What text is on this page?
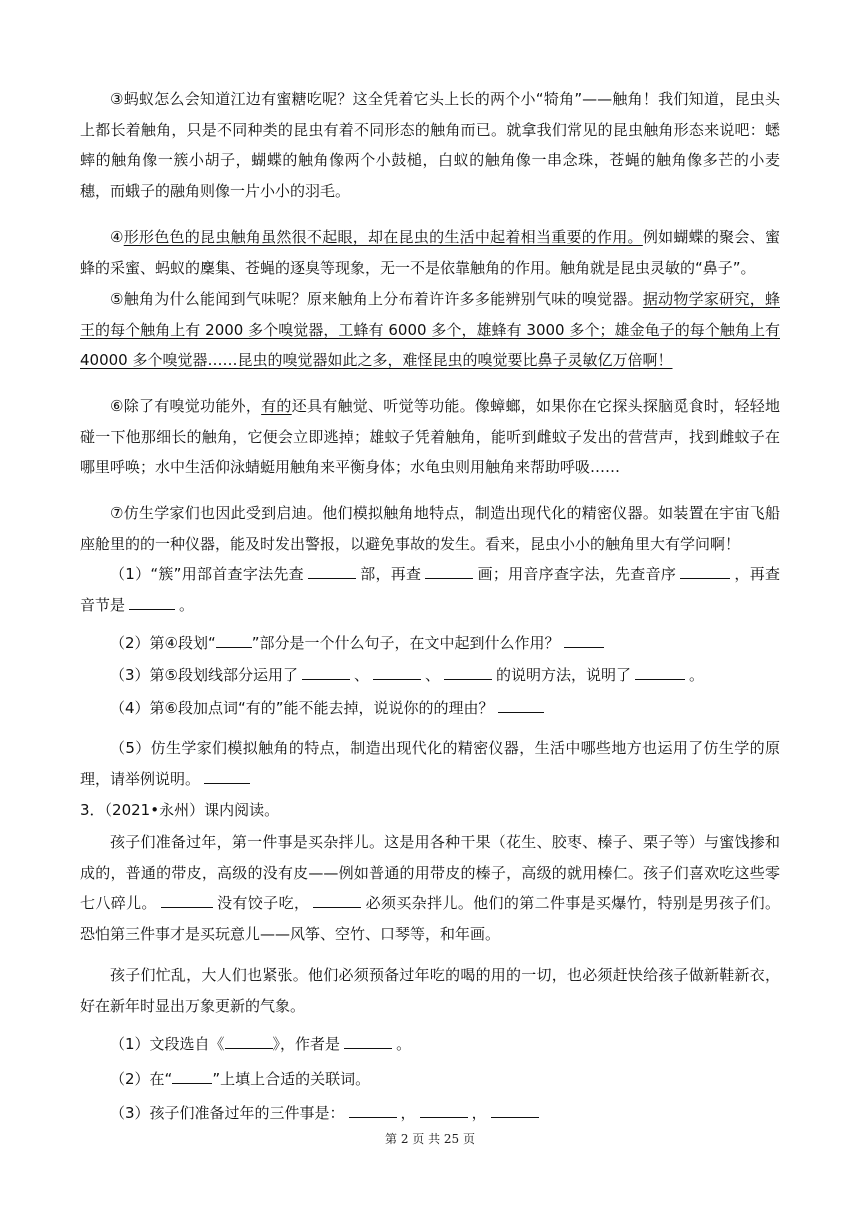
③蚂蚁怎么会知道江边有蜜糖吃呢？这全凭着它头上长的两个小“犄角”——触角！我们知道，昆虫头上都长着触角，只是不同种类的昆虫有着不同形态的触角而已。就拿我们常见的昆虫触角形态来说吧：蟋蟀的触角像一簇小胡子，蝴蝶的触角像两个小鼓槌，白蚁的触角像一串念珠，苍蝇的触角像多芒的小麦穗，而蛾子的融角则像一片小小的羽毛。

④形形色色的昆虫触角虽然很不起眼，却在昆虫的生活中起着相当重要的作用。例如蝴蝶的聚会、蜜蜂的采蜜、蚂蚁的麇集、苍蝇的逐臭等现象，无一不是依靠触角的作用。触角就是昆虫灵敏的“鼻子”。

⑤触角为什么能闻到气味呢？原来触角上分布着许许多多能辨别气味的嗅觉器。据动物学家研究，蜂王的每个触角上有 2000 多个嗅觉器，工蜂有 6000 多个，雄蜂有 3000 多个；雄金龟子的每个触角上有 40000 多个嗅觉器……昆虫的嗅觉器如此之多，难怪昆虫的嗅觉要比鼻子灵敏亿万倍啊！

⑥除了有嗅觉功能外，有的还具有触觉、听觉等功能。像蟑螂，如果你在它探头探脑觅食时，轻轻地碰一下他那细长的触角，它便会立即逃掉；雄蚊子凭着触角，能听到雌蚊子发出的营营声，找到雌蚊子在哪里呼唤；水中生活仰泳蜻蜓用触角来平衡身体；水龟虫则用触角来帮助呼吸……

⑦仿生学家们也因此受到启迪。他们模拟触角地特点，制造出现代化的精密仪器。如装置在宇宙飞船座舱里的的一种仪器，能及时发出警报，以避免事故的发生。看来，昆虫小小的触角里大有学问啊！

（1）“簇”用部首查字法先查	部，再查	画；用音序查字法，先查音序	，再查音节是	。

（2）第④段划“ ”部分是一个什么句子，在文中起到什么作用？

（3）第⑤段划线部分运用了	、	、	的说明方法，说明了	。

（4）第⑥段加点词“有的”能不能去掉，说说你的的理由？

（5）仿生学家们模拟触角的特点，制造出现代化的精密仪器，生活中哪些地方也运用了仿生学的原理，请举例说明。

3．（2021•永州）课内阅读。

孩子们准备过年，第一件事是买杂拌儿。这是用各种干果（花生、胶枣、榛子、栗子等）与蜜饯掺和成的，普通的带皮，高级的没有皮——例如普通的用带皮的榛子，高级的就用榛仁。孩子们喜欢吃这些零七八碎儿。	没有饺子吃，	必须买杂拌儿。他们的第二件事是买爆竹，特别是男孩子们。恐怕第三件事才是买玩意儿——风筝、空竹、口琴等，和年画。

孩子们忙乱，大人们也紧张。他们必须预备过年吃的喝的用的一切，也必须赶快给孩子做新鞋新衣，好在新年时显出万象更新的气象。

（1）文段选自《	》，作者是	。

（2）在“	”上填上合适的关联词。

（3）孩子们准备过年的三件事是：	，	，

第 2 页 共 25 页
